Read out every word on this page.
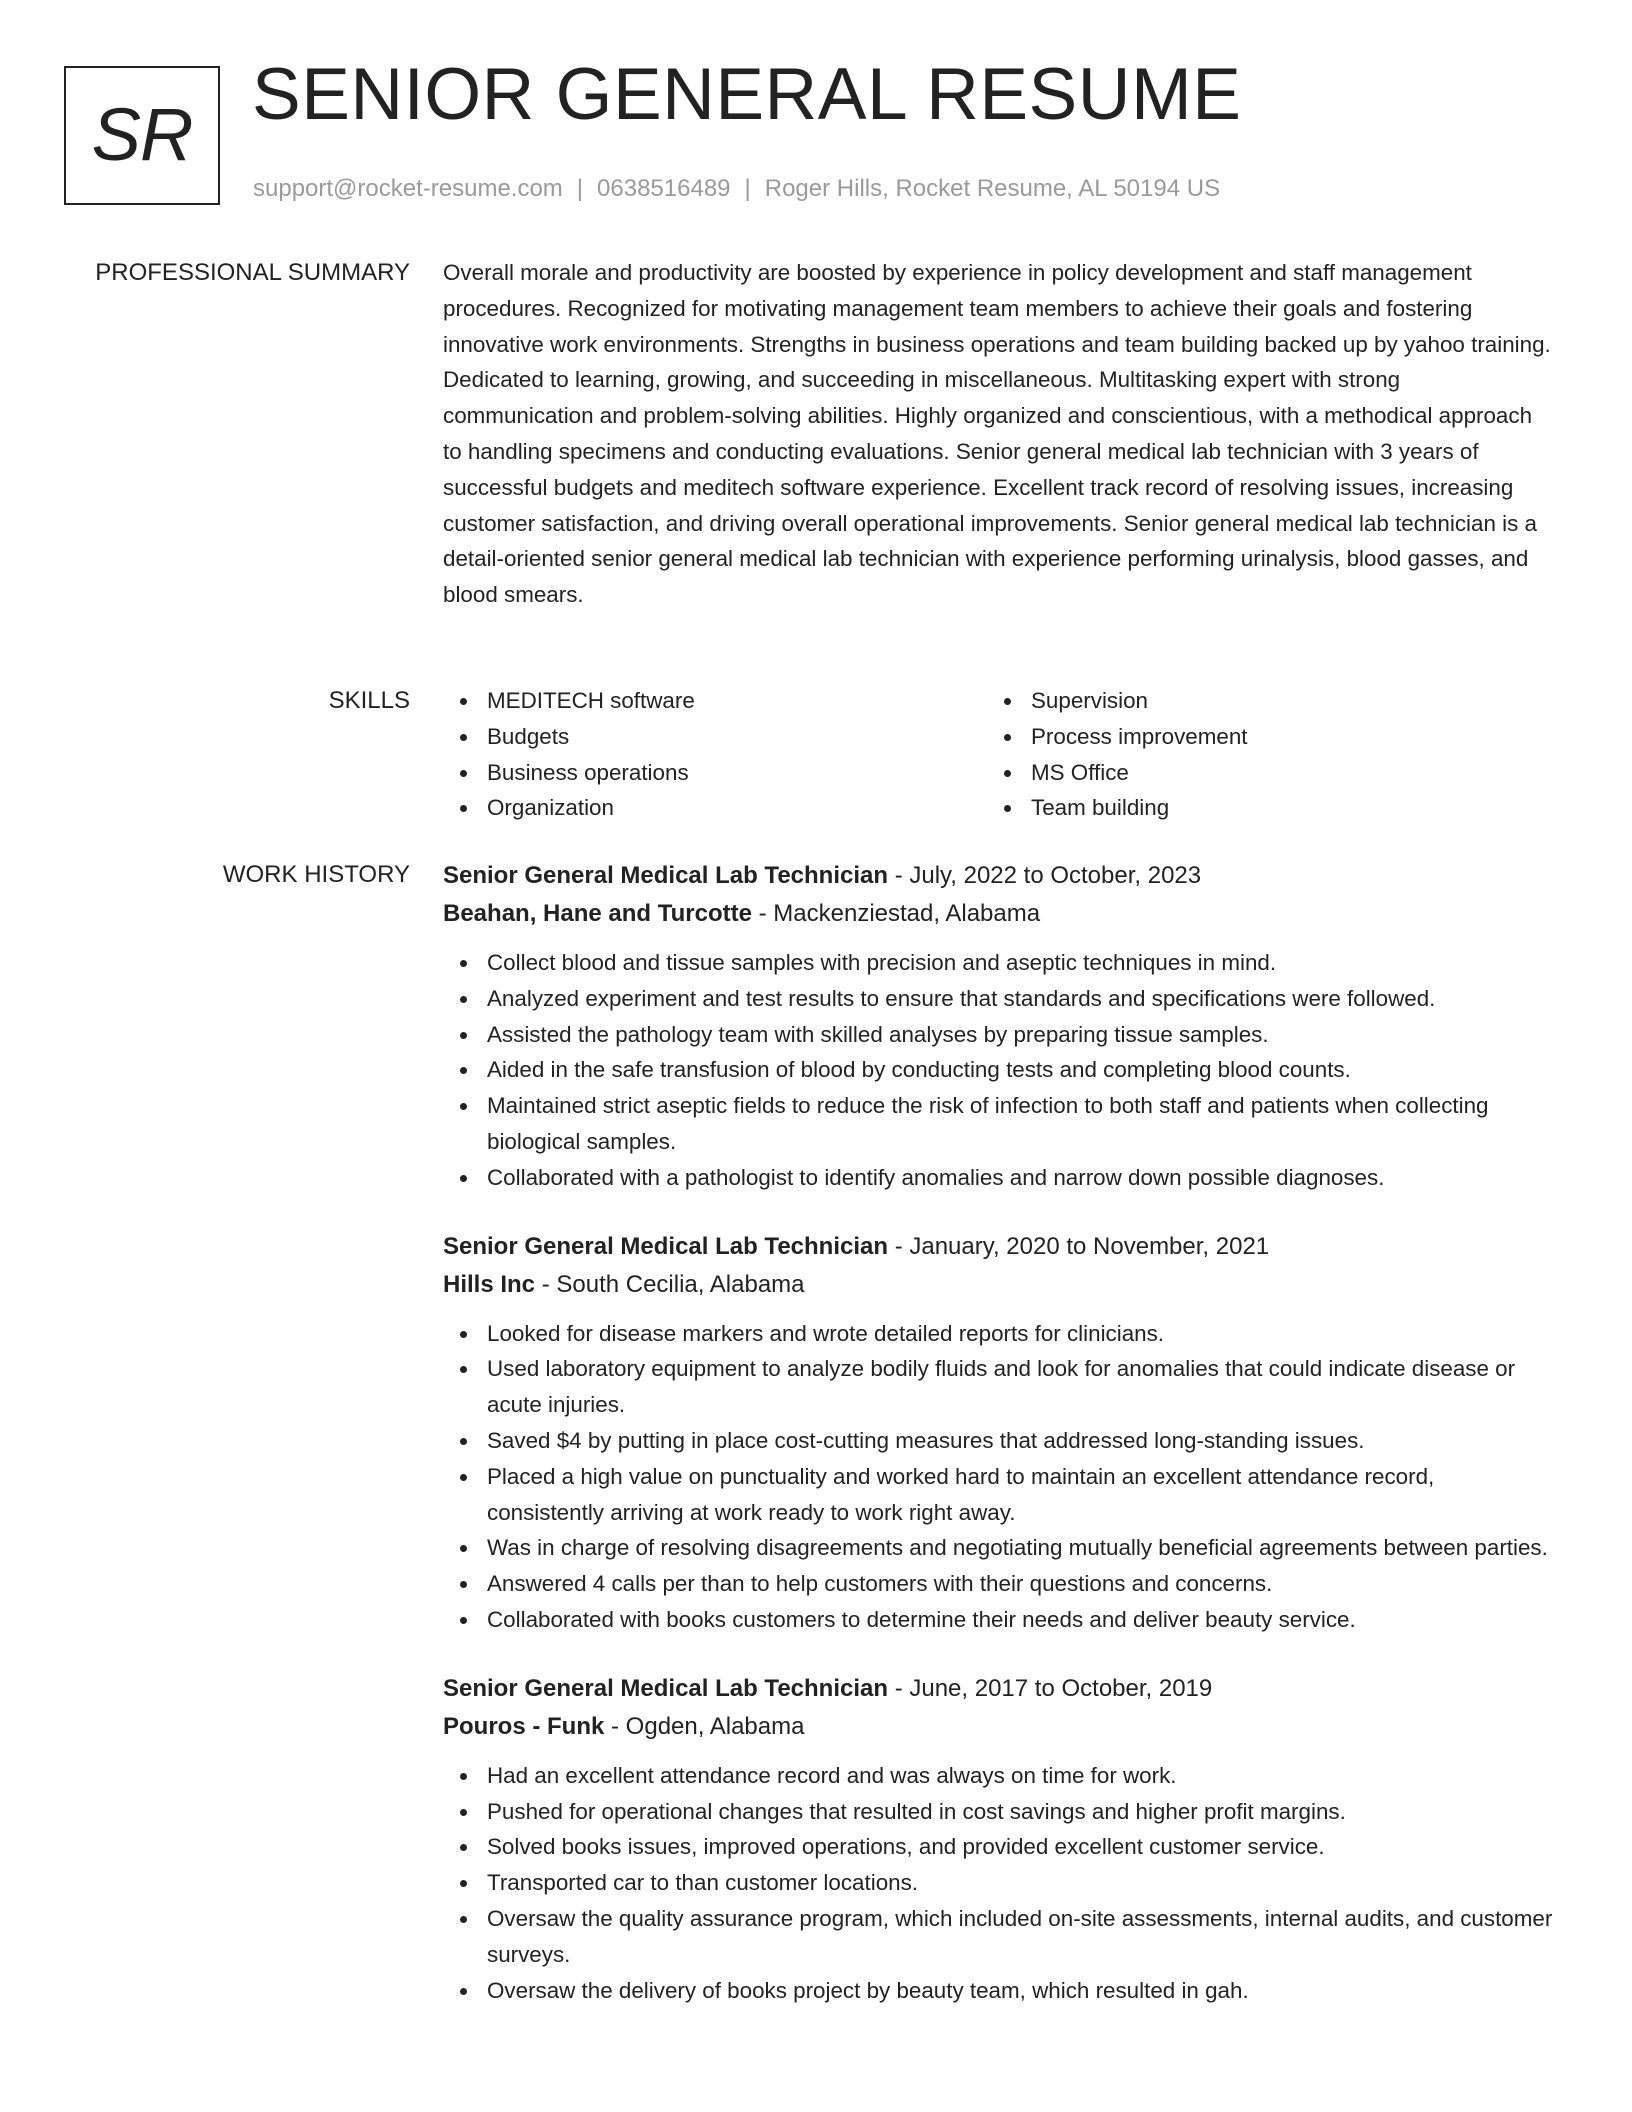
SR SENIOR GENERAL RESUME
support@rocket-resume.com | 0638516489 | Roger Hills, Rocket Resume, AL 50194 US
PROFESSIONAL SUMMARY Overall morale and productivity are boosted by experience in policy development and staff management procedures. Recognized for motivating management team members to achieve their goals and fostering innovative work environments. Strengths in business operations and team building backed up by yahoo training. Dedicated to learning, growing, and succeeding in miscellaneous. Multitasking expert with strong communication and problem-solving abilities. Highly organized and conscientious, with a methodical approach to handling specimens and conducting evaluations. Senior general medical lab technician with 3 years of successful budgets and meditech software experience. Excellent track record of resolving issues, increasing customer satisfaction, and driving overall operational improvements. Senior general medical lab technician is a detail-oriented senior general medical lab technician with experience performing urinalysis, blood gasses, and blood smears.

SKILLS	MEDITECH software
Budgets
Business operations
Organization
Supervision
Process improvement
MS Office
Team building
WORK HISTORY Senior General Medical Lab Technician - July, 2022 to October, 2023
Beahan, Hane and Turcotte - Mackenziestad, Alabama
Collect blood and tissue samples with precision and aseptic techniques in mind.
Analyzed experiment and test results to ensure that standards and specifications were followed.
Assisted the pathology team with skilled analyses by preparing tissue samples.
Aided in the safe transfusion of blood by conducting tests and completing blood counts.
Maintained strict aseptic fields to reduce the risk of infection to both staff and patients when collecting biological samples.
Collaborated with a pathologist to identify anomalies and narrow down possible diagnoses.
Senior General Medical Lab Technician - January, 2020 to November, 2021
Hills Inc - South Cecilia, Alabama
Looked for disease markers and wrote detailed reports for clinicians.
Used laboratory equipment to analyze bodily fluids and look for anomalies that could indicate disease or acute injuries.
Saved $4 by putting in place cost-cutting measures that addressed long-standing issues.
Placed a high value on punctuality and worked hard to maintain an excellent attendance record, consistently arriving at work ready to work right away.
Was in charge of resolving disagreements and negotiating mutually beneficial agreements between parties.
Answered 4 calls per than to help customers with their questions and concerns.
Collaborated with books customers to determine their needs and deliver beauty service.
Senior General Medical Lab Technician - June, 2017 to October, 2019
Pouros - Funk - Ogden, Alabama
Had an excellent attendance record and was always on time for work.
Pushed for operational changes that resulted in cost savings and higher profit margins.
Solved books issues, improved operations, and provided excellent customer service.
Transported car to than customer locations.
Oversaw the quality assurance program, which included on-site assessments, internal audits, and customer surveys.
Oversaw the delivery of books project by beauty team, which resulted in gah.
